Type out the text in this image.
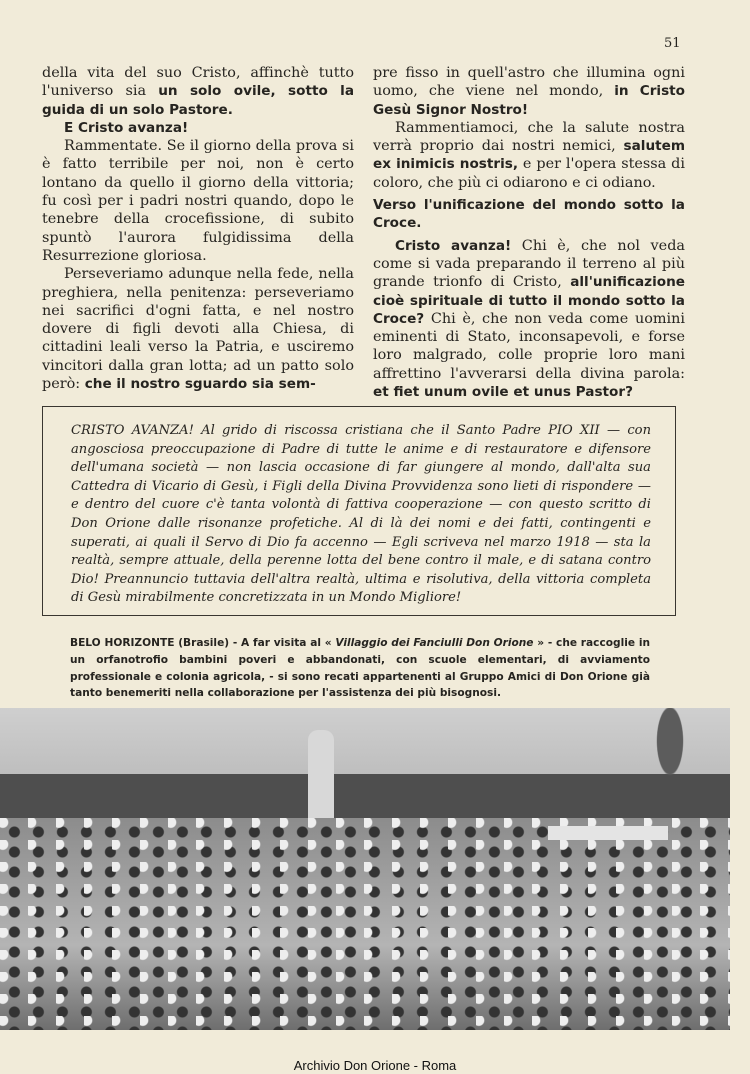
51

della vita del suo Cristo, affinchè tutto l'universo sia un solo ovile, sotto la guida di un solo Pastore.

E Cristo avanza!

Rammentate. Se il giorno della prova si è fatto terribile per noi, non è certo lontano da quello il giorno della vittoria; fu così per i padri nostri quando, dopo le tenebre della crocefissione, di subito spuntò l'aurora fulgidissima della Resurrezione gloriosa.

Perseveriamo adunque nella fede, nella preghiera, nella penitenza: perseveriamo nei sacrifici d'ogni fatta, e nel nostro dovere di figli devoti alla Chiesa, di cittadini leali verso la Patria, e usciremo vincitori dalla gran lotta; ad un patto solo però: che il nostro sguardo sia sem-

pre fisso in quell'astro che illumina ogni uomo, che viene nel mondo, in Cristo Gesù Signor Nostro!

Rammentiamoci, che la salute nostra verrà proprio dai nostri nemici, salutem ex inimicis nostris, e per l'opera stessa di coloro, che più ci odiarono e ci odiano.

Verso l'unificazione del mondo sotto la Croce.

Cristo avanza! Chi è, che nol veda come si vada preparando il terreno al più grande trionfo di Cristo, all'unificazione cioè spirituale di tutto il mondo sotto la Croce? Chi è, che non veda come uomini eminenti di Stato, inconsapevoli, e forse loro malgrado, colle proprie loro mani affrettino l'avverarsi della divina parola: et fiet unum ovile et unus Pastor?

CRISTO AVANZA! Al grido di riscossa cristiana che il Santo Padre PIO XII — con angosciosa preoccupazione di Padre di tutte le anime e di restauratore e difensore dell'umana società — non lascia occasione di far giungere al mondo, dall'alta sua Cattedra di Vicario di Gesù, i Figli della Divina Provvidenza sono lieti di rispondere — e dentro del cuore c'è tanta volontà di fattiva cooperazione — con questo scritto di Don Orione dalle risonanze profetiche. Al di là dei nomi e dei fatti, contingenti e superati, ai quali il Servo di Dio fa accenno — Egli scriveva nel marzo 1918 — sta la realtà, sempre attuale, della perenne lotta del bene contro il male, e di satana contro Dio! Preannuncio tuttavia dell'altra realtà, ultima e risolutiva, della vittoria completa di Gesù mirabilmente concretizzata in un Mondo Migliore!
BELO HORIZONTE (Brasile) - A far visita al « Villaggio dei Fanciulli Don Orione » - che raccoglie in un orfanotrofio bambini poveri e abbandonati, con scuole elementari, di avviamento professionale e colonia agricola, - si sono recati appartenenti al Gruppo Amici di Don Orione già tanto benemeriti nella collaborazione per l'assistenza dei più bisognosi.
Archivio Don Orione - Roma
